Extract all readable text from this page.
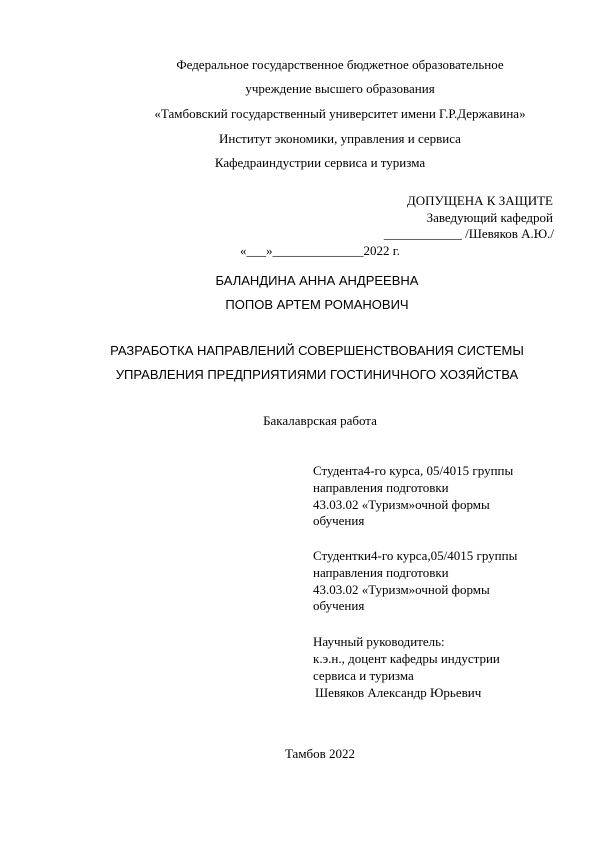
Федеральное государственное бюджетное образовательное
учреждение высшего образования
«Тамбовский государственный университет имени Г.Р.Державина»
Институт экономики, управления и сервиса
Кафедраиндустрии сервиса и туризма
ДОПУЩЕНА К ЗАЩИТЕ
Заведующий кафедрой
____________ /Шевяков А.Ю./
«___»______________2022 г.
БАЛАНДИНА АННА АНДРЕЕВНА
ПОПОВ АРТЕМ РОМАНОВИЧ
РАЗРАБОТКА НАПРАВЛЕНИЙ СОВЕРШЕНСТВОВАНИЯ СИСТЕМЫ
УПРАВЛЕНИЯ ПРЕДПРИЯТИЯМИ ГОСТИНИЧНОГО ХОЗЯЙСТВА
Бакалаврская работа
Студента4-го курса, 05/4015 группы
направления подготовки
43.03.02 «Туризм»очной формы
обучения
Студентки4-го курса,05/4015 группы
направления подготовки
43.03.02 «Туризм»очной формы
обучения
Научный руководитель:
к.э.н., доцент кафедры индустрии
сервиса и туризма
Шевяков Александр Юрьевич
Тамбов 2022
